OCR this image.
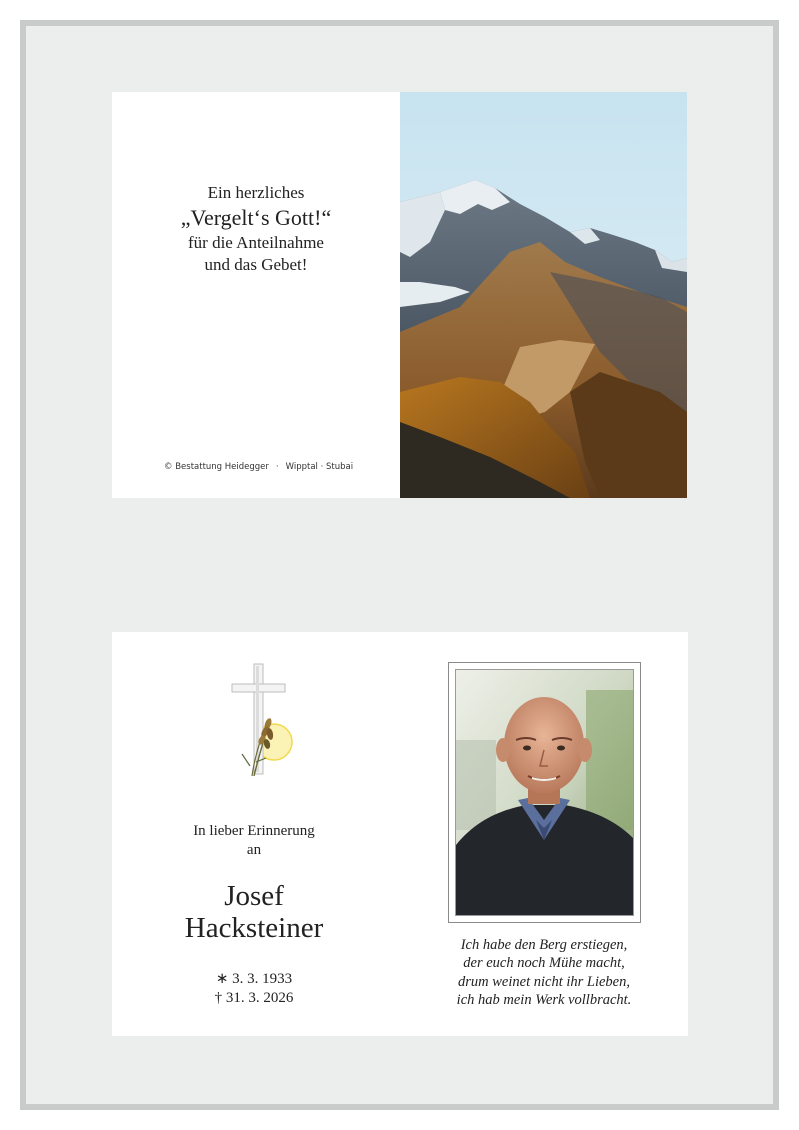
Ein herzliches
„Vergelt‘s Gott!“
für die Anteilnahme
und das Gebet!
© Bestattung Heidegger · Wipptal · Stubai
In lieber Erinnerung
an
Josef
Hacksteiner
∗ 3. 3. 1933
† 31. 3. 2026
Ich habe den Berg erstiegen,
der euch noch Mühe macht,
drum weinet nicht ihr Lieben,
ich hab mein Werk vollbracht.
